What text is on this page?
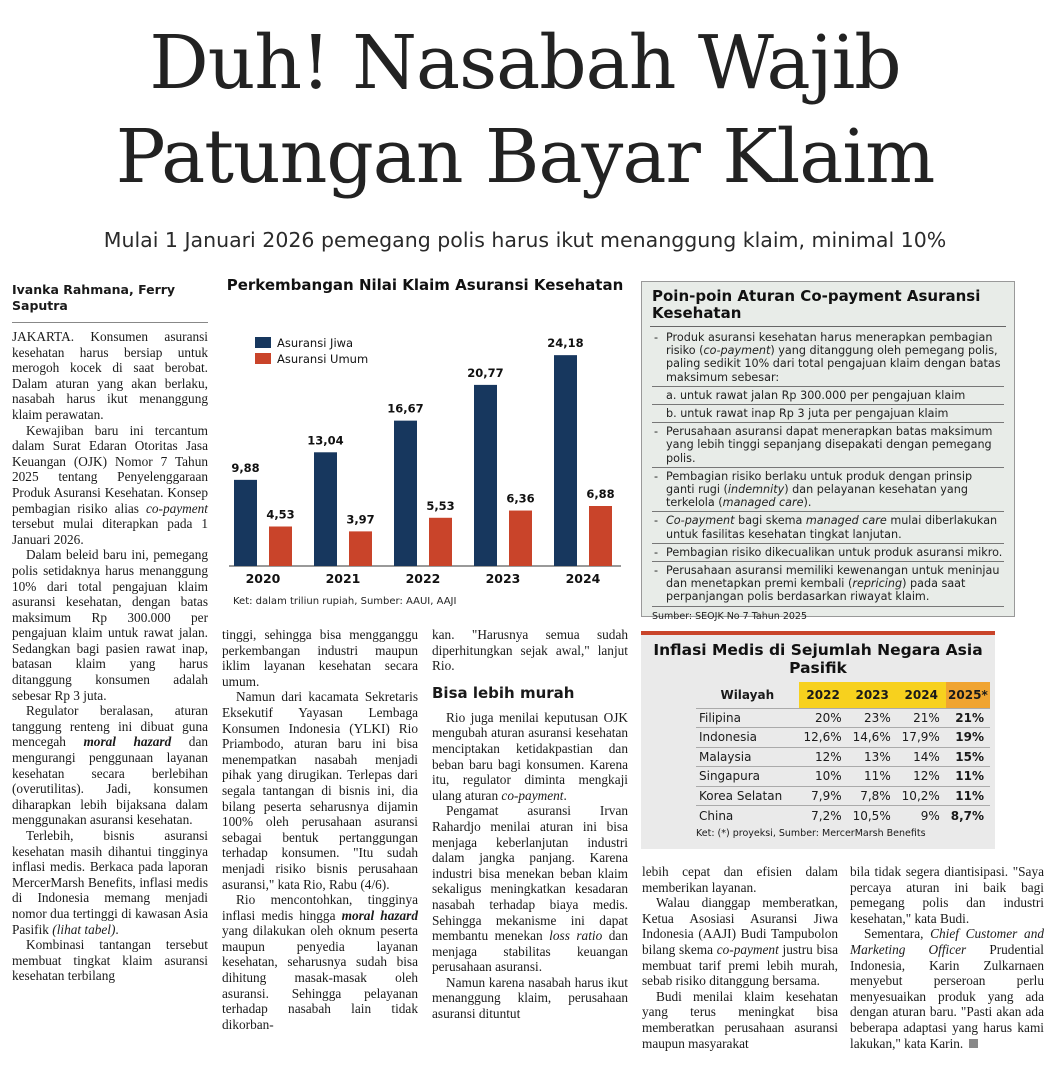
Duh! Nasabah Wajib
Patungan Bayar Klaim
Mulai 1 Januari 2026 pemegang polis harus ikut menanggung klaim, minimal 10%
Ivanka Rahmana, Ferry Saputra

JAKARTA. Konsumen asuransi kesehatan harus bersiap untuk merogoh kocek di saat berobat. Dalam aturan yang akan berlaku, nasabah harus ikut menanggung klaim perawatan.

Kewajiban baru ini tercantum dalam Surat Edaran Otoritas Jasa Keuangan (OJK) Nomor 7 Tahun 2025 tentang Penyelenggaraan Produk Asuransi Kesehatan. Konsep pembagian risiko alias co-payment tersebut mulai diterapkan pada 1 Januari 2026.

Dalam beleid baru ini, pemegang polis setidaknya harus menanggung 10% dari total pengajuan klaim asuransi kesehatan, dengan batas maksimum Rp 300.000 per pengajuan klaim untuk rawat jalan. Sedangkan bagi pasien rawat inap, batasan klaim yang harus ditanggung konsumen adalah sebesar Rp 3 juta.

Regulator beralasan, aturan tanggung renteng ini dibuat guna mencegah moral hazard dan mengurangi penggunaan layanan kesehatan secara berlebihan (overutilitas). Jadi, konsumen diharapkan lebih bijaksana dalam menggunakan asuransi kesehatan.

Terlebih, bisnis asuransi kesehatan masih dihantui tingginya inflasi medis. Berkaca pada laporan MercerMarsh Benefits, inflasi medis di Indonesia memang menjadi nomor dua tertinggi di kawasan Asia Pasifik (lihat tabel).

Kombinasi tantangan tersebut membuat tingkat klaim asuransi kesehatan terbilang

Perkembangan Nilai Klaim Asuransi Kesehatan
Asuransi Jiwa
Asuransi Umum
9,88
4,53
2020
13,04
3,97
2021
16,67
5,53
2022
20,77
6,36
2023
24,18
6,88
2024
Ket: dalam triliun rupiah, Sumber: AAUI, AAJI

tinggi, sehingga bisa mengganggu perkembangan industri maupun iklim layanan kesehatan secara umum.

Namun dari kacamata Sekretaris Eksekutif Yayasan Lembaga Konsumen Indonesia (YLKI) Rio Priambodo, aturan baru ini bisa menempatkan nasabah menjadi pihak yang dirugikan. Terlepas dari segala tantangan di bisnis ini, dia bilang peserta seharusnya dijamin 100% oleh perusahaan asuransi sebagai bentuk pertanggungan terhadap konsumen. "Itu sudah menjadi risiko bisnis perusahaan asuransi," kata Rio, Rabu (4/6).

Rio mencontohkan, tingginya inflasi medis hingga moral hazard yang dilakukan oleh oknum peserta maupun penyedia layanan kesehatan, seharusnya sudah bisa dihitung masak-masak oleh asuransi. Sehingga pelayanan terhadap nasabah lain tidak dikorban-

kan. "Harusnya semua sudah diperhitungkan sejak awal," lanjut Rio.

Bisa lebih murah

Rio juga menilai keputusan OJK mengubah aturan asuransi kesehatan menciptakan ketidakpastian dan beban baru bagi konsumen. Karena itu, regulator diminta mengkaji ulang aturan co-payment.

Pengamat asuransi Irvan Rahardjo menilai aturan ini bisa menjaga keberlanjutan industri dalam jangka panjang. Karena industri bisa menekan beban klaim sekaligus meningkatkan kesadaran nasabah terhadap biaya medis. Sehingga mekanisme ini dapat membantu menekan loss ratio dan menjaga stabilitas keuangan perusahaan asuransi.

Namun karena nasabah harus ikut menanggung klaim, perusahaan asuransi dituntut

Poin-poin Aturan Co-payment Asuransi Kesehatan
- Produk asuransi kesehatan harus menerapkan pembagian risiko (co-payment) yang ditanggung oleh pemegang polis, paling sedikit 10% dari total pengajuan klaim dengan batas maksimum sebesar:
a. untuk rawat jalan Rp 300.000 per pengajuan klaim
b. untuk rawat inap Rp 3 juta per pengajuan klaim
- Perusahaan asuransi dapat menerapkan batas maksimum yang lebih tinggi sepanjang disepakati dengan pemegang polis.
- Pembagian risiko berlaku untuk produk dengan prinsip ganti rugi (indemnity) dan pelayanan kesehatan yang terkelola (managed care).
- Co-payment bagi skema managed care mulai diberlakukan untuk fasilitas kesehatan tingkat lanjutan.
- Pembagian risiko dikecualikan untuk produk asuransi mikro.
- Perusahaan asuransi memiliki kewenangan untuk meninjau dan menetapkan premi kembali (repricing) pada saat perpanjangan polis berdasarkan riwayat klaim.
Sumber: SEOJK No 7 Tahun 2025
Inflasi Medis di Sejumlah Negara Asia Pasifik
Wilayah	2022	2023	2024	2025*
Filipina	20%	23%	21%	21%
Indonesia	12,6%	14,6%	17,9%	19%
Malaysia	12%	13%	14%	15%
Singapura	10%	11%	12%	11%
Korea Selatan	7,9%	7,8%	10,2%	11%
China	7,2%	10,5%	9%	8,7%
Ket: (*) proyeksi, Sumber: MercerMarsh Benefits

lebih cepat dan efisien dalam memberikan layanan.

Walau dianggap memberatkan, Ketua Asosiasi Asuransi Jiwa Indonesia (AAJI) Budi Tampubolon bilang skema co-payment justru bisa membuat tarif premi lebih murah, sebab risiko ditanggung bersama.

Budi menilai klaim kesehatan yang terus meningkat bisa memberatkan perusahaan asuransi maupun masyarakat

bila tidak segera diantisipasi. "Saya percaya aturan ini baik bagi pemegang polis dan industri kesehatan," kata Budi.

Sementara, Chief Customer and Marketing Officer Prudential Indonesia, Karin Zulkarnaen menyebut perseroan perlu menyesuaikan produk yang ada dengan aturan baru. "Pasti akan ada beberapa adaptasi yang harus kami lakukan," kata Karin.
